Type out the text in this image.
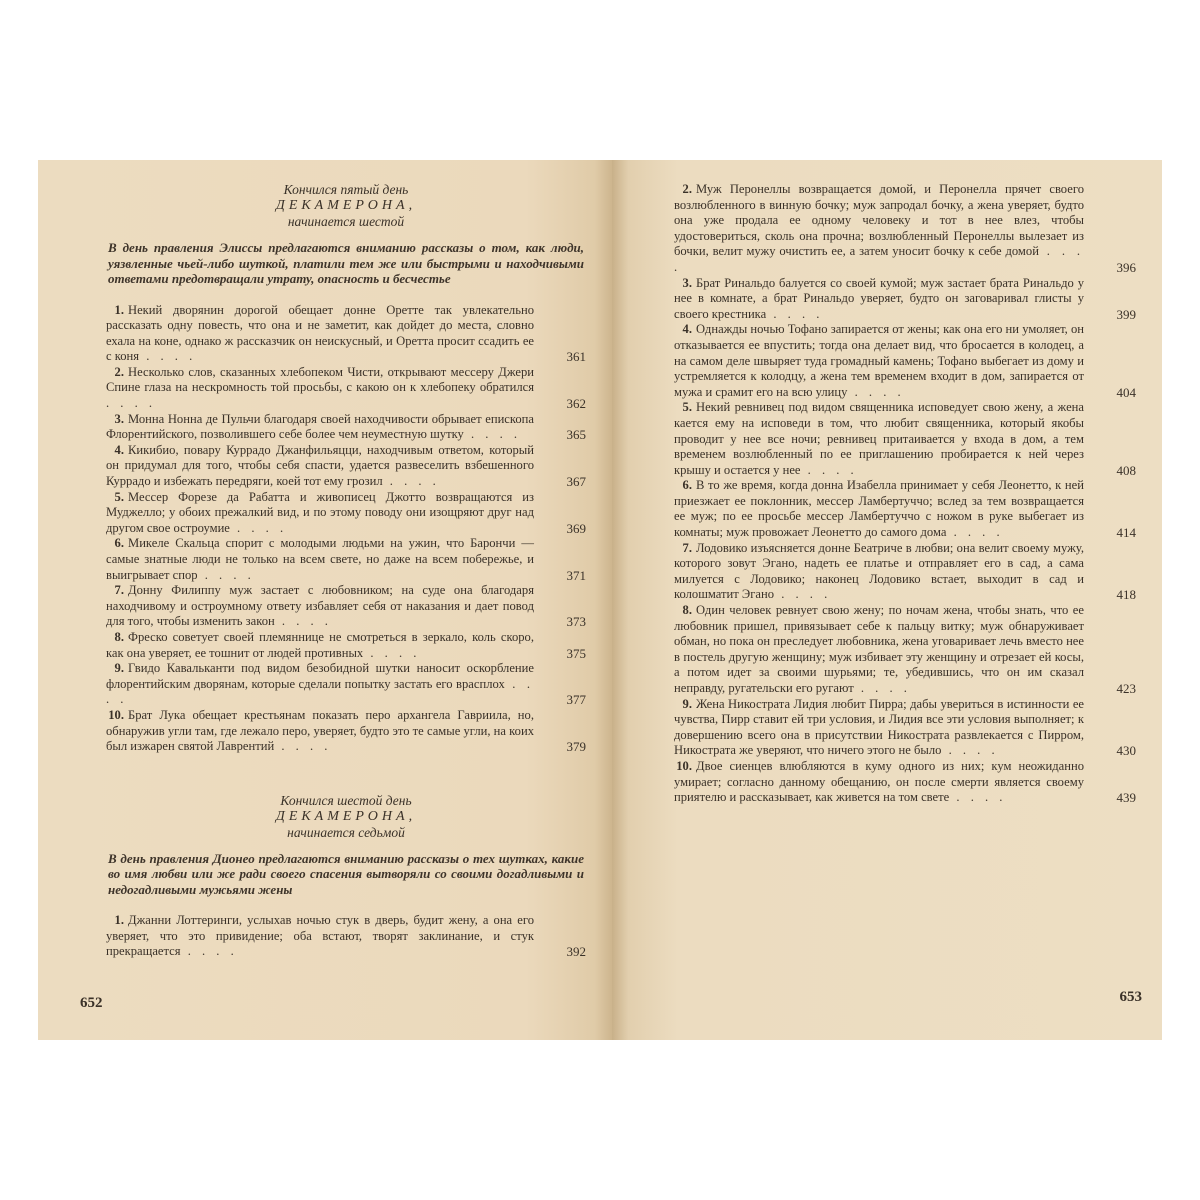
Кончился пятый день
ДЕКАМЕРОНА,
начинается шестой
В день правления Элиссы предлагаются вниманию рассказы о том, как люди, уязвленные чьей-либо шуткой, платили тем же или быстрыми и находчивыми ответами предотвращали утрату, опасность и бесчестье
1. Некий дворянин дорогой обещает донне Оретте так увлекательно рассказать одну повесть, что она и не заметит, как дойдет до места, словно ехала на коне, однако ж рассказчик он неискусный, и Оретта просит ссадить ее с коня . . . .	361
2. Несколько слов, сказанных хлебопеком Чисти, открывают мессеру Джери Спине глаза на нескромность той просьбы, с какою он к хлебопеку обратился . . . .	362
3. Монна Нонна де Пульчи благодаря своей находчивости обрывает епископа Флорентийского, позволившего себе более чем неуместную шутку . . . .	365
4. Кикибио, повару Куррадо Джанфильяцци, находчивым ответом, который он придумал для того, чтобы себя спасти, удается развеселить взбешенного Куррадо и избежать передряги, коей тот ему грозил . . . .	367
5. Мессер Форезе да Рабатта и живописец Джотто возвращаются из Муджелло; у обоих прежалкий вид, и по этому поводу они изощряют друг над другом свое остроумие . . . .	369
6. Микеле Скальца спорит с молодыми людьми на ужин, что Барончи — самые знатные люди не только на всем свете, но даже на всем побережье, и выигрывает спор . . . .	371
7. Донну Филиппу муж застает с любовником; на суде она благодаря находчивому и остроумному ответу избавляет себя от наказания и дает повод для того, чтобы изменить закон . . . .	373
8. Фреско советует своей племяннице не смотреться в зеркало, коль скоро, как она уверяет, ее тошнит от людей противных . . . .	375
9. Гвидо Кавальканти под видом безобидной шутки наносит оскорбление флорентийским дворянам, которые сделали попытку застать его врасплох . . . .	377
10. Брат Лука обещает крестьянам показать перо архангела Гавриила, но, обнаружив угли там, где лежало перо, уверяет, будто это те самые угли, на коих был изжарен святой Лаврентий . . . .	379
Кончился шестой день
ДЕКАМЕРОНА,
начинается седьмой
В день правления Дионео предлагаются вниманию рассказы о тех шутках, какие во имя любви или же ради своего спасения вытворяли со своими догадливыми и недогадливыми мужьями жены
1. Джанни Лоттеринги, услыхав ночью стук в дверь, будит жену, а она его уверяет, что это привидение; оба встают, творят заклинание, и стук прекращается . . . .	392
652
2. Муж Перонеллы возвращается домой, и Перонелла прячет своего возлюбленного в винную бочку; муж запродал бочку, а жена уверяет, будто она уже продала ее одному человеку и тот в нее влез, чтобы удостовериться, сколь она прочна; возлюбленный Перонеллы вылезает из бочки, велит мужу очистить ее, а затем уносит бочку к себе домой . . . .	396
3. Брат Ринальдо балуется со своей кумой; муж застает брата Ринальдо у нее в комнате, а брат Ринальдо уверяет, будто он заговаривал глисты у своего крестника . . . .	399
4. Однажды ночью Тофано запирается от жены; как она его ни умоляет, он отказывается ее впустить; тогда она делает вид, что бросается в колодец, а на самом деле швыряет туда громадный камень; Тофано выбегает из дому и устремляется к колодцу, а жена тем временем входит в дом, запирается от мужа и срамит его на всю улицу . . . .	404
5. Некий ревнивец под видом священника исповедует свою жену, а жена кается ему на исповеди в том, что любит священника, который якобы проводит у нее все ночи; ревнивец притаивается у входа в дом, а тем временем возлюбленный по ее приглашению пробирается к ней через крышу и остается у нее . . . .	408
6. В то же время, когда донна Изабелла принимает у себя Леонетто, к ней приезжает ее поклонник, мессер Ламбертуччо; вслед за тем возвращается ее муж; по ее просьбе мессер Ламбертуччо с ножом в руке выбегает из комнаты; муж провожает Леонетто до самого дома . . . .	414
7. Лодовико изъясняется донне Беатриче в любви; она велит своему мужу, которого зовут Эгано, надеть ее платье и отправляет его в сад, а сама милуется с Лодовико; наконец Лодовико встает, выходит в сад и колошматит Эгано . . . .	418
8. Один человек ревнует свою жену; по ночам жена, чтобы знать, что ее любовник пришел, привязывает себе к пальцу витку; муж обнаруживает обман, но пока он преследует любовника, жена уговаривает лечь вместо нее в постель другую женщину; муж избивает эту женщину и отрезает ей косы, а потом идет за своими шурьями; те, убедившись, что он им сказал неправду, ругательски его ругают . . . .	423
9. Жена Никострата Лидия любит Пирра; дабы увериться в истинности ее чувства, Пирр ставит ей три условия, и Лидия все эти условия выполняет; к довершению всего она в присутствии Никострата развлекается с Пирром, Никострата же уверяют, что ничего этого не было . . . .	430
10. Двое сиенцев влюбляются в куму одного из них; кум неожиданно умирает; согласно данному обещанию, он после смерти является своему приятелю и рассказывает, как живется на том свете . . . .	439
653
